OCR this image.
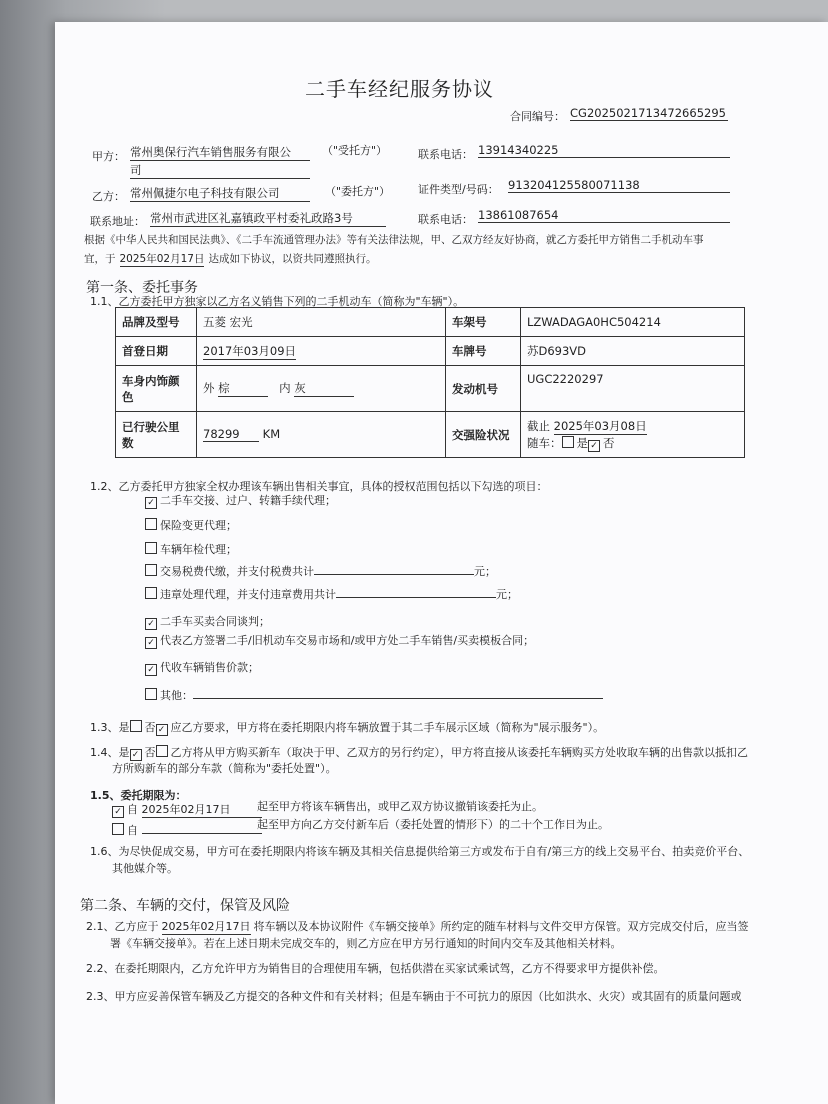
二手车经纪服务协议
合同编号： CG20250217134726652​95
甲方： 常州奥保行汽车销售服务有限公
司
（"受托方"）	联系电话： 13914340225
乙方： 常州佩捷尔电子科技有限公司	（"委托方"）	证件类型/号码： 913204125580071138
联系地址： 常州市武进区礼嘉镇政平村委礼政路3号	联系电话： 13861087654
根据《中华人民共和国民法典》、《二手车流通管理办法》等有关法律法规，甲、乙双方经友好协商，就乙方委托甲方销售二手机动车事
宜，于 2025年02月17日 达成如下协议，以资共同遵照执行。
第一条、委托事务
1.1、乙方委托甲方独家以乙方名义销售下列的二手机动车（简称为"车辆"）。
品牌及型号	五菱 宏光	车架号	LZWADAGA0HC504214
首登日期	2017年03月09日	车牌号	苏D693VD
车身内饰颜色	外 棕 内 灰	发动机号	UGC2220297
已行驶公里数	78299 KM	交强险状况	截止 2025年03月08日
随车： 是 ✓ 否
1.2、乙方委托甲方独家全权办理该车辆出售相关事宜，具体的授权范围包括以下勾选的项目：
✓ 二手车交接、过户、转籍手续代理；
保险变更代理；
车辆年检代理；
交易税费代缴，并支付税费共计	元；
违章处理代理，并支付违章费用共计	元；
✓ 二手车买卖合同谈判；
✓ 代表乙方签署二手/旧机动车交易市场和/或甲方处二手车销售/买卖模板合同；
✓ 代收车辆销售价款；
其他：
1.3、是 否 ✓ 应乙方要求，甲方将在委托期限内将车辆放置于其二手车展示区域（简称为"展示服务"）。
1.4、是 ✓ 否 乙方将从甲方购买新车（取决于甲、乙双方的另行约定），甲方将直接从该委托车辆购买方处收取车辆的出售款以抵扣乙
方所购新车的部分车款（简称为"委托处置"）。
1.5、委托期限为：
✓ 自 2025年02月17日	起至甲方将该车辆售出，或甲乙双方协议撤销该委托为止。
自	起至甲方向乙方交付新车后（委托处置的情形下）的二十个工作日为止。
1.6、为尽快促成交易，甲方可在委托期限内将该车辆及其相关信息提供给第三方或发布于自有/第三方的线上交易平台、拍卖竞价平台、
其他媒介等。
第二条、车辆的交付，保管及风险
2.1、乙方应于 2025年02月17日 将车辆以及本协议附件《车辆交接单》所约定的随车材料与文件交甲方保管。双方完成交付后，应当签
署《车辆交接单》。若在上述日期未完成交车的，则乙方应在甲方另行通知的时间内交车及其他相关材料。
2.2、在委托期限内，乙方允许甲方为销售目的合理使用车辆，包括供潜在买家试乘试驾，乙方不得要求甲方提供补偿。
2.3、甲方应妥善保管车辆及乙方提交的各种文件和有关材料；但是车辆由于不可抗力的原因（比如洪水、火灾）或其固有的质量问题或
